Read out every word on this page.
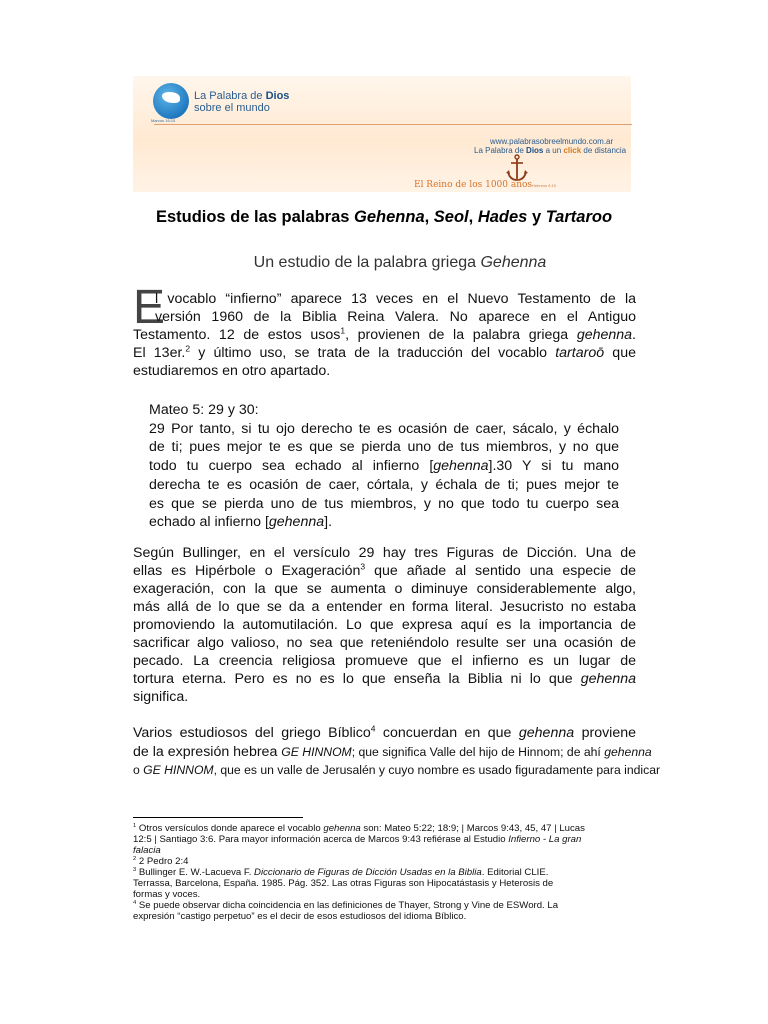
Marcos 16:15
La Palabra de Dios
sobre el mundo
www.palabrasobreelmundo.com.ar
La Palabra de Dios a un click de distancia
El Reino de los 1000 años Hebreos 6:19
Estudios de las palabras Gehenna, Seol, Hades y Tartaroo
Un estudio de la palabra griega Gehenna
E
l vocablo “infierno” aparece 13 veces en el Nuevo Testamento de la
versión 1960 de la Biblia Reina Valera. No aparece en el Antiguo
Testamento. 12 de estos usos$^1$, provienen de la palabra griega gehenna.
El 13er.$^2$ y último uso, se trata de la traducción del vocablo tartaroō que
estudiaremos en otro apartado.
Mateo 5: 29 y 30:
29 Por tanto, si tu ojo derecho te es ocasión de caer, sácalo, y échalo
de ti; pues mejor te es que se pierda uno de tus miembros, y no que
todo tu cuerpo sea echado al infierno [gehenna].30 Y si tu mano
derecha te es ocasión de caer, córtala, y échala de ti; pues mejor te
es que se pierda uno de tus miembros, y no que todo tu cuerpo sea
echado al infierno [gehenna].
Según Bullinger, en el versículo 29 hay tres Figuras de Dicción. Una de
ellas es Hipérbole o Exageración$^3$ que añade al sentido una especie de
exageración, con la que se aumenta o diminuye considerablemente algo,
más allá de lo que se da a entender en forma literal. Jesucristo no estaba
promoviendo la automutilación. Lo que expresa aquí es la importancia de
sacrificar algo valioso, no sea que reteniéndolo resulte ser una ocasión de
pecado. La creencia religiosa promueve que el infierno es un lugar de
tortura eterna. Pero es no es lo que enseña la Biblia ni lo que gehenna
significa.
Varios estudiosos del griego Bíblico$^4$ concuerdan en que gehenna proviene
de la expresión hebrea GE HINNOM; que significa Valle del hijo de Hinnom; de ahí gehenna
o GE HINNOM, que es un valle de Jerusalén y cuyo nombre es usado figuradamente para indicar
$^1$ Otros versículos donde aparece el vocablo gehenna son: Mateo 5:22; 18:9; | Marcos 9:43, 45, 47 | Lucas
12:5 | Santiago 3:6. Para mayor información acerca de Marcos 9:43 refiérase al Estudio Infierno - La gran
falacia
$^2$ 2 Pedro 2:4
$^3$ Bullinger E. W.-Lacueva F. Diccionario de Figuras de Dicción Usadas en la Biblia. Editorial CLIE.
Terrassa, Barcelona, España. 1985. Pág. 352. Las otras Figuras son Hipocatástasis y Heterosis de
formas y voces.
$^4$ Se puede observar dicha coincidencia en las definiciones de Thayer, Strong y Vine de ESWord. La
expresión “castigo perpetuo” es el decir de esos estudiosos del idioma Bíblico.
